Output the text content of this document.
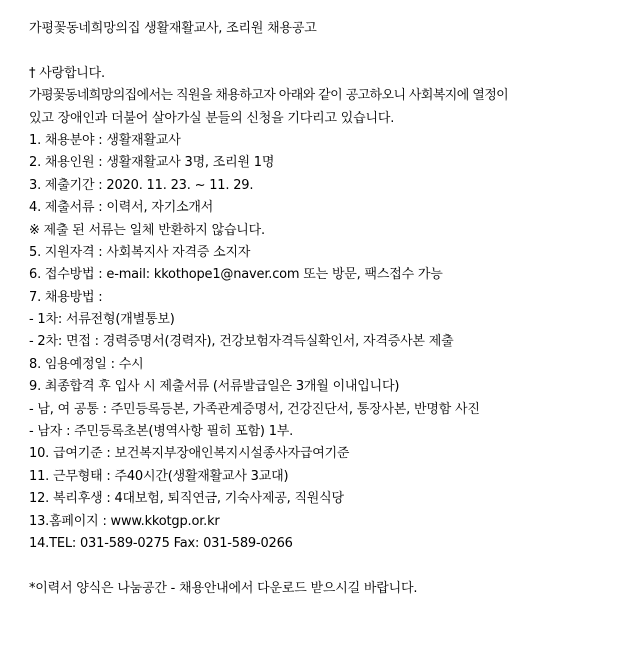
가평꽃동네희망의집 생활재활교사, 조리원 채용공고
† 사랑합니다.
가평꽃동네희망의집에서는 직원을 채용하고자 아래와 같이 공고하오니 사회복지에 열정이
있고 장애인과 더불어 살아가실 분들의 신청을 기다리고 있습니다.
1. 채용분야 : 생활재활교사
2. 채용인원 : 생활재활교사 3명, 조리원 1명
3. 제출기간 : 2020. 11. 23. ~ 11. 29.
4. 제출서류 : 이력서, 자기소개서
※ 제출 된 서류는 일체 반환하지 않습니다.
5. 지원자격 : 사회복지사 자격증 소지자
6. 접수방법 : e-mail: kkothope1@naver.com 또는 방문, 팩스접수 가능
7. 채용방법 :
- 1차: 서류전형(개별통보)
- 2차: 면접 : 경력증명서(경력자), 건강보험자격득실확인서, 자격증사본 제출
8. 임용예정일 : 수시
9. 최종합격 후 입사 시 제출서류 (서류발급일은 3개월 이내입니다)
- 남, 여 공통 : 주민등록등본, 가족관계증명서, 건강진단서, 통장사본, 반명함 사진
- 남자 : 주민등록초본(병역사항 필히 포함) 1부.
10. 급여기준 : 보건복지부장애인복지시설종사자급여기준
11. 근무형태 : 주40시간(생활재활교사 3교대)
12. 복리후생 : 4대보험, 퇴직연금, 기숙사제공, 직원식당
13.홈페이지 : www.kkotgp.or.kr
14.TEL: 031-589-0275 Fax: 031-589-0266
*이력서 양식은 나눔공간 - 채용안내에서 다운로드 받으시길 바랍니다.
